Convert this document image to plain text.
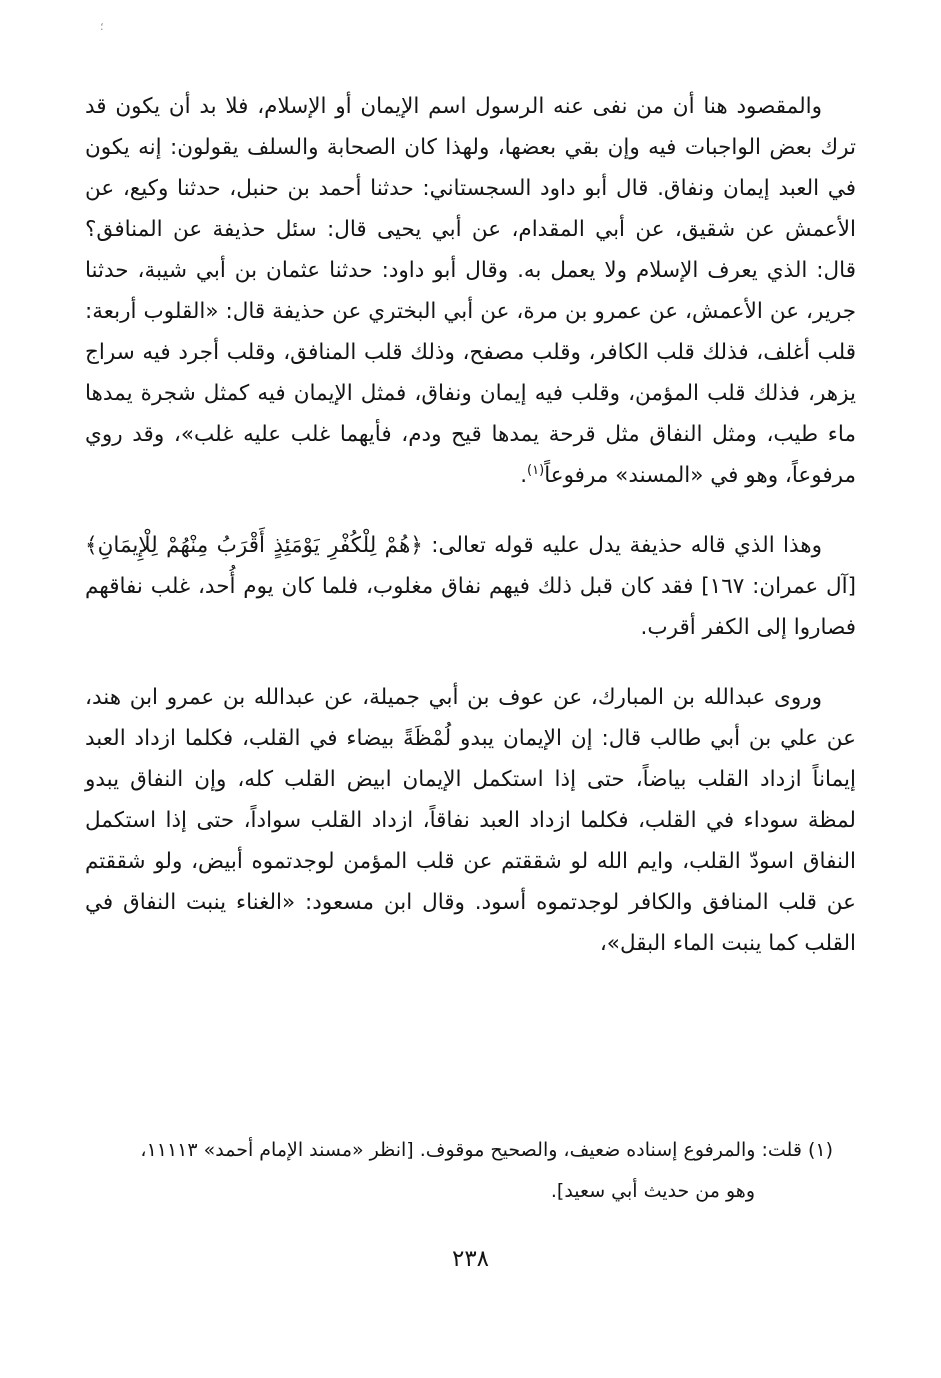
؛

والمقصود هنا أن من نفى عنه الرسول اسم الإيمان أو الإسلام، فلا بد أن يكون قد ترك بعض الواجبات فيه وإن بقي بعضها، ولهذا كان الصحابة والسلف يقولون: إنه يكون في العبد إيمان ونفاق. قال أبو داود السجستاني: حدثنا أحمد بن حنبل، حدثنا وكيع، عن الأعمش عن شقيق، عن أبي المقدام، عن أبي يحيى قال: سئل حذيفة عن المنافق؟ قال: الذي يعرف الإسلام ولا يعمل به. وقال أبو داود: حدثنا عثمان بن أبي شيبة، حدثنا جرير، عن الأعمش، عن عمرو بن مرة، عن أبي البختري عن حذيفة قال: «القلوب أربعة: قلب أغلف، فذلك قلب الكافر، وقلب مصفح، وذلك قلب المنافق، وقلب أجرد فيه سراج يزهر، فذلك قلب المؤمن، وقلب فيه إيمان ونفاق، فمثل الإيمان فيه كمثل شجرة يمدها ماء طيب، ومثل النفاق مثل قرحة يمدها قيح ودم، فأيهما غلب عليه غلب»، وقد روي مرفوعاً، وهو في «المسند» مرفوعاً$^{(١)}$.

وهذا الذي قاله حذيفة يدل عليه قوله تعالى: ﴿هُمْ لِلْكُفْرِ يَوْمَئِذٍ أَقْرَبُ مِنْهُمْ لِلْإِيمَانِ﴾ [آل عمران: ١٦٧] فقد كان قبل ذلك فيهم نفاق مغلوب، فلما كان يوم أُحد، غلب نفاقهم فصاروا إلى الكفر أقرب.

وروى عبدالله بن المبارك، عن عوف بن أبي جميلة، عن عبدالله بن عمرو ابن هند، عن علي بن أبي طالب قال: إن الإيمان يبدو لُمْظَةً بيضاء في القلب، فكلما ازداد العبد إيماناً ازداد القلب بياضاً، حتى إذا استكمل الإيمان ابيض القلب كله، وإن النفاق يبدو لمظة سوداء في القلب، فكلما ازداد العبد نفاقاً، ازداد القلب سواداً، حتى إذا استكمل النفاق اسودّ القلب، وايم الله لو شققتم عن قلب المؤمن لوجدتموه أبيض، ولو شققتم عن قلب المنافق والكافر لوجدتموه أسود. وقال ابن مسعود: «الغناء ينبت النفاق في القلب كما ينبت الماء البقل»،

(١) قلت: والمرفوع إسناده ضعيف، والصحيح موقوف. [انظر «مسند الإمام أحمد» ١١١١٣، وهو من حديث أبي سعيد].
٢٣٨
